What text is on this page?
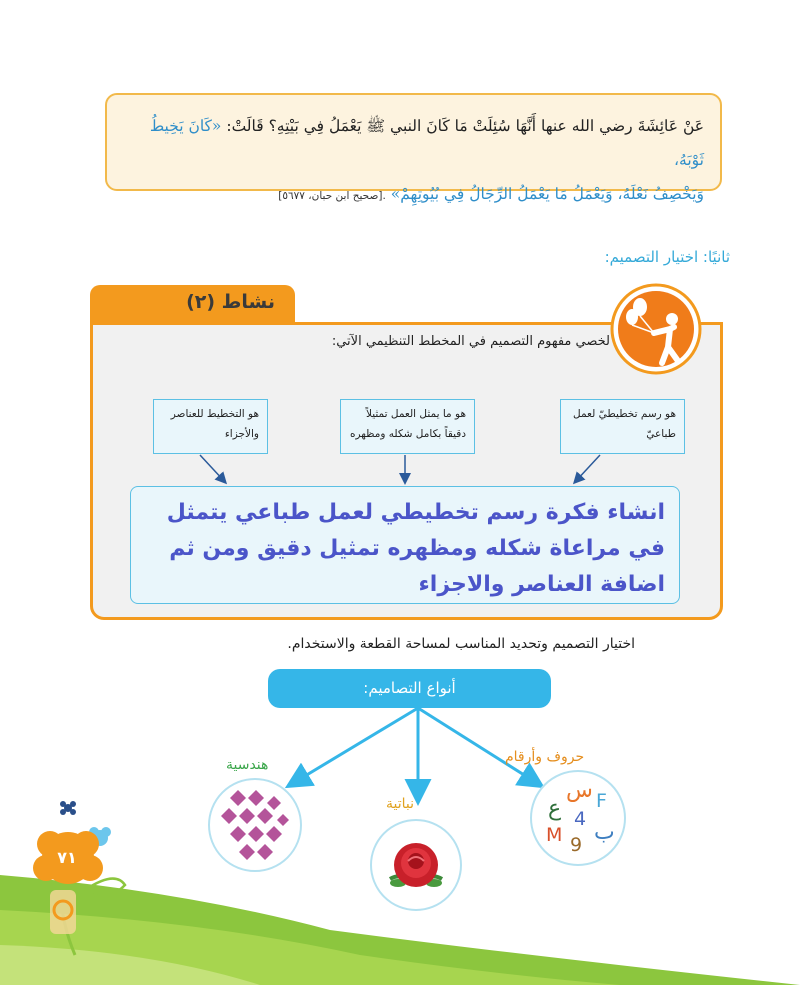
عَنْ عَائِشَةَ رضي الله عنها أَنَّهَا سُئِلَتْ مَا كَانَ النبي ﷺ يَعْمَلُ فِي بَيْتِهِ؟ قَالَتْ: «كَانَ يَخِيطُ ثَوْبَهُ،
وَيَخْصِفُ نَعْلَهُ، وَيَعْمَلُ مَا يَعْمَلُ الرِّجَالُ فِي بُيُوتِهِمْ» .[صحيح ابن حبان، ٥٦٧٧]
ثانيًا: اختيار التصميم:
نشاط (٢)
لخصي مفهوم التصميم في المخطط التنظيمي الآتي:
هو التخطيط للعناصر والأجزاء
هو ما يمثل العمل تمثيلاً دقيقاً بكامل شكله ومظهره
هو رسم تخطيطيّ لعمل طباعيّ
انشاء فكرة رسم تخطيطي لعمل طباعي يتمثل في مراعاة شكله ومظهره تمثيل دقيق ومن ثم اضافة العناصر والاجزاء
اختيار التصميم وتحديد المناسب لمساحة القطعة والاستخدام.
أنواع التصاميم:
هندسية
نباتية
حروف وأرقام
س F
ع 4
ب
M 9
٧١
